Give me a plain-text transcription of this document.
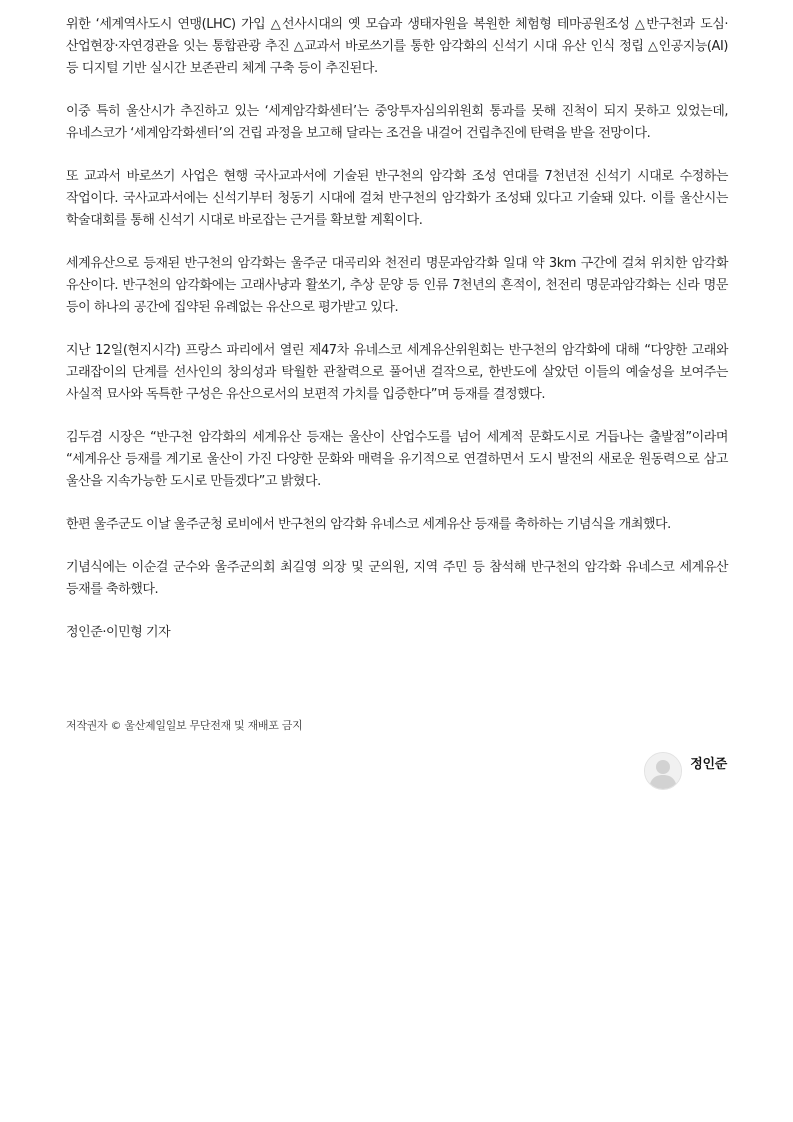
위한 ‘세계역사도시 연맹(LHC) 가입 △선사시대의 옛 모습과 생태자원을 복원한 체험형 테마공원조성 △반구천과 도심·산업현장·자연경관을 잇는 통합관광 추진 △교과서 바로쓰기를 통한 암각화의 신석기 시대 유산 인식 정립 △인공지능(AI) 등 디지털 기반 실시간 보존관리 체계 구축 등이 추진된다.

이중 특히 울산시가 추진하고 있는 ‘세계암각화센터’는 중앙투자심의위원회 통과를 못해 진척이 되지 못하고 있었는데, 유네스코가 ‘세계암각화센터’의 건립 과정을 보고해 달라는 조건을 내걸어 건립추진에 탄력을 받을 전망이다.

또 교과서 바로쓰기 사업은 현행 국사교과서에 기술된 반구천의 암각화 조성 연대를 7천년전 신석기 시대로 수정하는 작업이다. 국사교과서에는 신석기부터 청동기 시대에 걸쳐 반구천의 암각화가 조성돼 있다고 기술돼 있다. 이를 울산시는 학술대회를 통해 신석기 시대로 바로잡는 근거를 확보할 계획이다.

세계유산으로 등재된 반구천의 암각화는 울주군 대곡리와 천전리 명문과암각화 일대 약 3km 구간에 걸쳐 위치한 암각화 유산이다. 반구천의 암각화에는 고래사냥과 활쏘기, 추상 문양 등 인류 7천년의 흔적이, 천전리 명문과암각화는 신라 명문 등이 하나의 공간에 집약된 유례없는 유산으로 평가받고 있다.

지난 12일(현지시각) 프랑스 파리에서 열린 제47차 유네스코 세계유산위원회는 반구천의 암각화에 대해 “다양한 고래와 고래잡이의 단계를 선사인의 창의성과 탁월한 관찰력으로 풀어낸 걸작으로, 한반도에 살았던 이들의 예술성을 보여주는 사실적 묘사와 독특한 구성은 유산으로서의 보편적 가치를 입증한다”며 등재를 결정했다.

김두겸 시장은 “반구천 암각화의 세계유산 등재는 울산이 산업수도를 넘어 세계적 문화도시로 거듭나는 출발점”이라며 “세계유산 등재를 계기로 울산이 가진 다양한 문화와 매력을 유기적으로 연결하면서 도시 발전의 새로운 원동력으로 삼고 울산을 지속가능한 도시로 만들겠다”고 밝혔다.

한편 울주군도 이날 울주군청 로비에서 반구천의 암각화 유네스코 세계유산 등재를 축하하는 기념식을 개최했다.

기념식에는 이순걸 군수와 울주군의회 최길영 의장 및 군의원, 지역 주민 등 참석해 반구천의 암각화 유네스코 세계유산 등재를 축하했다.

정인준·이민형 기자

저작권자 © 울산제일일보 무단전재 및 재배포 금지
정인준
